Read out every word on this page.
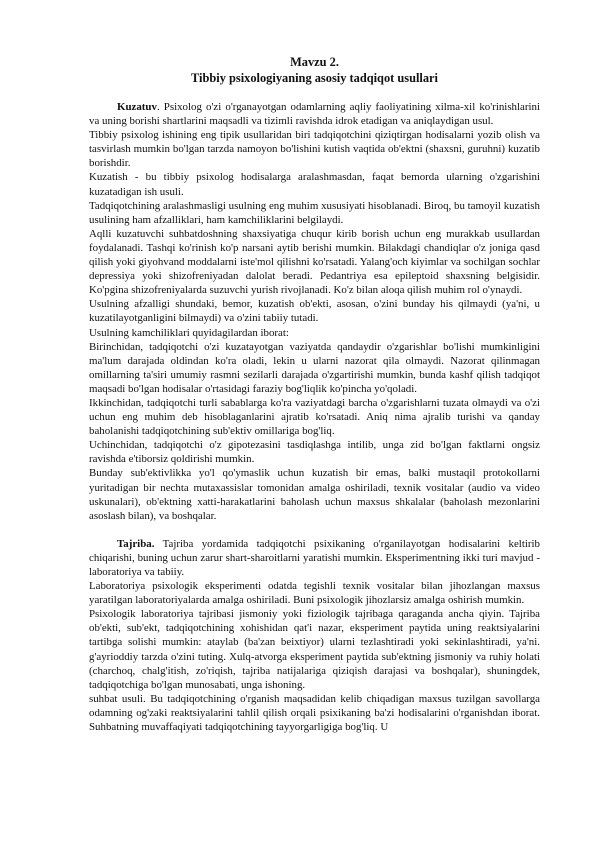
Mavzu 2.
Tibbiy psixologiyaning asosiy tadqiqot usullari

Kuzatuv. Psixolog o'zi o'rganayotgan odamlarning aqliy faoliyatining xilma-xil ko'rinishlarini va uning borishi shartlarini maqsadli va tizimli ravishda idrok etadigan va aniqlaydigan usul.

Tibbiy psixolog ishining eng tipik usullaridan biri tadqiqotchini qiziqtirgan hodisalarni yozib olish va tasvirlash mumkin bo'lgan tarzda namoyon bo'lishini kutish vaqtida ob'ektni (shaxsni, guruhni) kuzatib borishdir.

Kuzatish - bu tibbiy psixolog hodisalarga aralashmasdan, faqat bemorda ularning o'zgarishini kuzatadigan ish usuli.

Tadqiqotchining aralashmasligi usulning eng muhim xususiyati hisoblanadi. Biroq, bu tamoyil kuzatish usulining ham afzalliklari, ham kamchiliklarini belgilaydi.

Aqlli kuzatuvchi suhbatdoshning shaxsiyatiga chuqur kirib borish uchun eng murakkab usullardan foydalanadi. Tashqi ko'rinish ko'p narsani aytib berishi mumkin. Bilakdagi chandiqlar o'z joniga qasd qilish yoki giyohvand moddalarni iste'mol qilishni ko'rsatadi. Yalang'och kiyimlar va sochilgan sochlar depressiya yoki shizofreniyadan dalolat beradi. Pedantriya esa epileptoid shaxsning belgisidir. Ko'pgina shizofreniyalarda suzuvchi yurish rivojlanadi. Ko'z bilan aloqa qilish muhim rol o'ynaydi.

Usulning afzalligi shundaki, bemor, kuzatish ob'ekti, asosan, o'zini bunday his qilmaydi (ya'ni, u kuzatilayotganligini bilmaydi) va o'zini tabiiy tutadi.

Usulning kamchiliklari quyidagilardan iborat:

Birinchidan, tadqiqotchi o'zi kuzatayotgan vaziyatda qandaydir o'zgarishlar bo'lishi mumkinligini ma'lum darajada oldindan ko'ra oladi, lekin u ularni nazorat qila olmaydi. Nazorat qilinmagan omillarning ta'siri umumiy rasmni sezilarli darajada o'zgartirishi mumkin, bunda kashf qilish tadqiqot maqsadi bo'lgan hodisalar o'rtasidagi faraziy bog'liqlik ko'pincha yo'qoladi.

Ikkinchidan, tadqiqotchi turli sabablarga ko'ra vaziyatdagi barcha o'zgarishlarni tuzata olmaydi va o'zi uchun eng muhim deb hisoblaganlarini ajratib ko'rsatadi. Aniq nima ajralib turishi va qanday baholanishi tadqiqotchining sub'ektiv omillariga bog'liq.

Uchinchidan, tadqiqotchi o'z gipotezasini tasdiqlashga intilib, unga zid bo'lgan faktlarni ongsiz ravishda e'tiborsiz qoldirishi mumkin.

Bunday sub'ektivlikka yo'l qo'ymaslik uchun kuzatish bir emas, balki mustaqil protokollarni yuritadigan bir nechta mutaxassislar tomonidan amalga oshiriladi, texnik vositalar (audio va video uskunalari), ob'ektning xatti-harakatlarini baholash uchun maxsus shkalalar (baholash mezonlarini asoslash bilan), va boshqalar.

Tajriba. Tajriba yordamida tadqiqotchi psixikaning o'rganilayotgan hodisalarini keltirib chiqarishi, buning uchun zarur shart-sharoitlarni yaratishi mumkin. Eksperimentning ikki turi mavjud - laboratoriya va tabiiy.

Laboratoriya psixologik eksperimenti odatda tegishli texnik vositalar bilan jihozlangan maxsus yaratilgan laboratoriyalarda amalga oshiriladi. Buni psixologik jihozlarsiz amalga oshirish mumkin.

Psixologik laboratoriya tajribasi jismoniy yoki fiziologik tajribaga qaraganda ancha qiyin. Tajriba ob'ekti, sub'ekt, tadqiqotchining xohishidan qat'i nazar, eksperiment paytida uning reaktsiyalarini tartibga solishi mumkin: ataylab (ba'zan beixtiyor) ularni tezlashtiradi yoki sekinlashtiradi, ya'ni. g'ayrioddiy tarzda o'zini tuting. Xulq-atvorga eksperiment paytida sub'ektning jismoniy va ruhiy holati (charchoq, chalg'itish, zo'riqish, tajriba natijalariga qiziqish darajasi va boshqalar), shuningdek, tadqiqotchiga bo'lgan munosabati, unga ishoning.

suhbat usuli. Bu tadqiqotchining o'rganish maqsadidan kelib chiqadigan maxsus tuzilgan savollarga odamning og'zaki reaktsiyalarini tahlil qilish orqali psixikaning ba'zi hodisalarini o'rganishdan iborat. Suhbatning muvaffaqiyati tadqiqotchining tayyorgarligiga bog'liq. U
